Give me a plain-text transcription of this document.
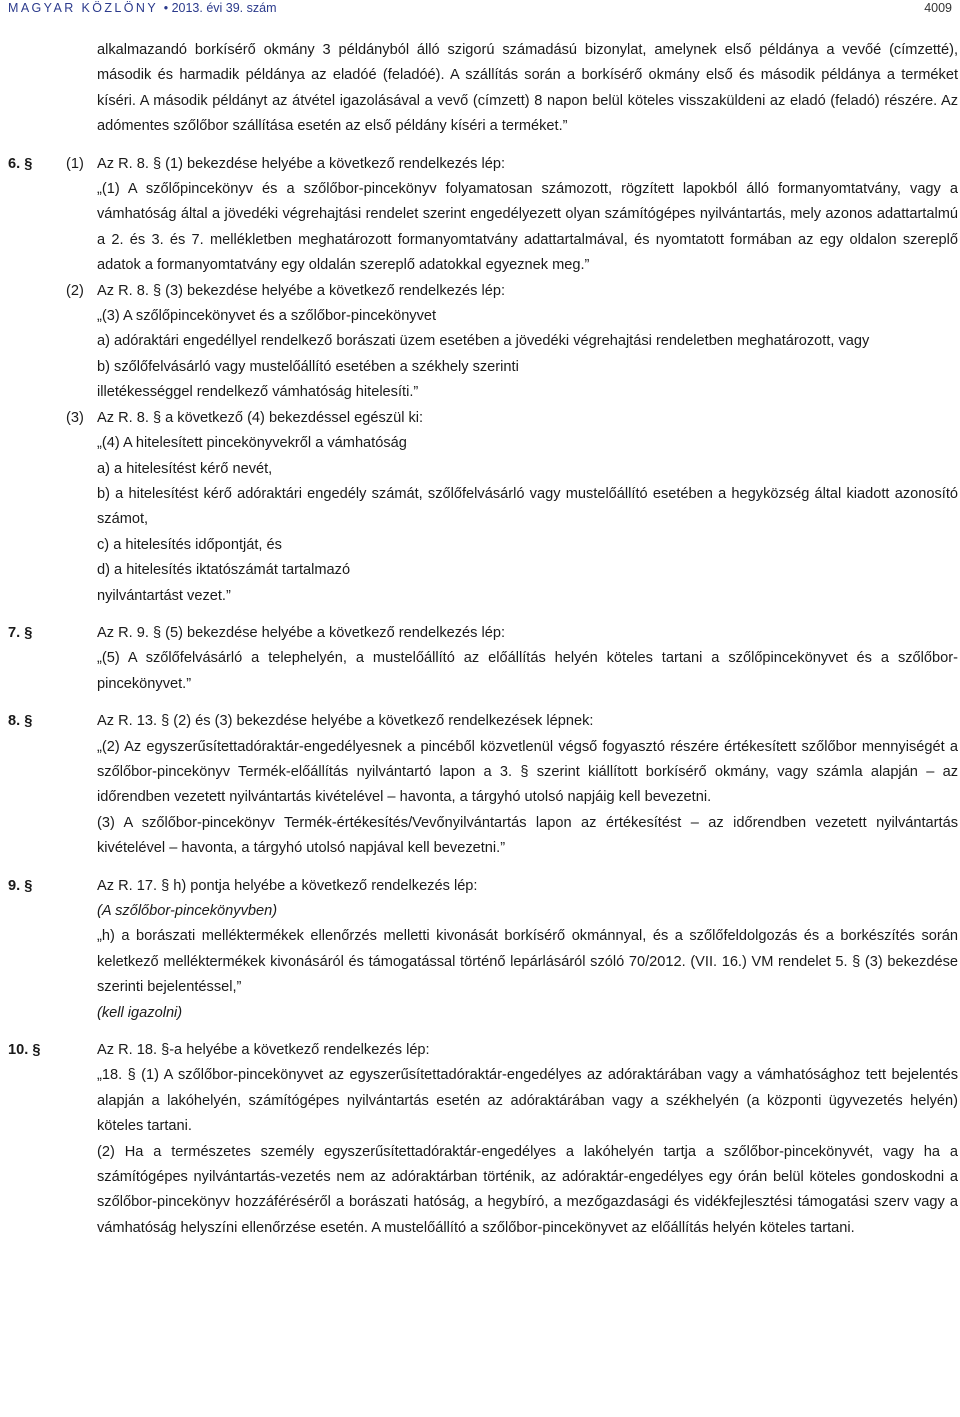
MAGYAR KÖZLÖNY • 2013. évi 39. szám	4009

alkalmazandó borkísérő okmány 3 példányból álló szigorú számadású bizonylat, amelynek első példánya a vevőé (címzetté), második és harmadik példánya az eladóé (feladóé). A szállítás során a borkísérő okmány első és második példánya a terméket kíséri. A második példányt az átvétel igazolásával a vevő (címzett) 8 napon belül köteles visszaküldeni az eladó (feladó) részére. Az adómentes szőlőbor szállítása esetén az első példány kíséri a terméket.”

6. § (1) Az R. 8. § (1) bekezdése helyébe a következő rendelkezés lép:
„(1) A szőlőpincekönyv és a szőlőbor-pincekönyv folyamatosan számozott, rögzített lapokból álló formanyomtatvány, vagy a vámhatóság által a jövedéki végrehajtási rendelet szerint engedélyezett olyan számítógépes nyilvántartás, mely azonos adattartalmú a 2. és 3. és 7. mellékletben meghatározott formanyomtatvány adattartalmával, és nyomtatott formában az egy oldalon szereplő adatok a formanyomtatvány egy oldalán szereplő adatokkal egyeznek meg.”
(2) Az R. 8. § (3) bekezdése helyébe a következő rendelkezés lép:
„(3) A szőlőpincekönyvet és a szőlőbor-pincekönyvet
a) adóraktári engedéllyel rendelkező borászati üzem esetében a jövedéki végrehajtási rendeletben meghatározott, vagy
b) szőlőfelvásárló vagy mustelőállító esetében a székhely szerinti
illetékességgel rendelkező vámhatóság hitelesíti.”
(3) Az R. 8. § a következő (4) bekezdéssel egészül ki:
„(4) A hitelesített pincekönyvekről a vámhatóság
a) a hitelesítést kérő nevét,
b) a hitelesítést kérő adóraktári engedély számát, szőlőfelvásárló vagy mustelőállító esetében a hegyközség által kiadott azonosító számot,
c) a hitelesítés időpontját, és
d) a hitelesítés iktatószámát tartalmazó
nyilvántartást vezet.”
7. §	Az R. 9. § (5) bekezdése helyébe a következő rendelkezés lép:
„(5) A szőlőfelvásárló a telephelyén, a mustelőállító az előállítás helyén köteles tartani a szőlőpincekönyvet és a szőlőbor-pincekönyvet.”
8. §	Az R. 13. § (2) és (3) bekezdése helyébe a következő rendelkezések lépnek:
„(2) Az egyszerűsítettadóraktár-engedélyesnek a pincéből közvetlenül végső fogyasztó részére értékesített szőlőbor mennyiségét a szőlőbor-pincekönyv Termék-előállítás nyilvántartó lapon a 3. § szerint kiállított borkísérő okmány, vagy számla alapján – az időrendben vezetett nyilvántartás kivételével – havonta, a tárgyhó utolsó napjáig kell bevezetni.
(3) A szőlőbor-pincekönyv Termék-értékesítés/Vevőnyilvántartás lapon az értékesítést – az időrendben vezetett nyilvántartás kivételével – havonta, a tárgyhó utolsó napjával kell bevezetni.”
9. §	Az R. 17. § h) pontja helyébe a következő rendelkezés lép:
(A szőlőbor-pincekönyvben)
„h) a borászati melléktermékek ellenőrzés melletti kivonását borkísérő okmánnyal, és a szőlőfeldolgozás és a borkészítés során keletkező melléktermékek kivonásáról és támogatással történő lepárlásáról szóló 70/2012. (VII. 16.) VM rendelet 5. § (3) bekezdése szerinti bejelentéssel,”
(kell igazolni)
10. §	Az R. 18. §-a helyébe a következő rendelkezés lép:
„18. § (1) A szőlőbor-pincekönyvet az egyszerűsítettadóraktár-engedélyes az adóraktárában vagy a vámhatósághoz tett bejelentés alapján a lakóhelyén, számítógépes nyilvántartás esetén az adóraktárában vagy a székhelyén (a központi ügyvezetés helyén) köteles tartani.
(2) Ha a természetes személy egyszerűsítettadóraktár-engedélyes a lakóhelyén tartja a szőlőbor-pincekönyvét, vagy ha a számítógépes nyilvántartás-vezetés nem az adóraktárban történik, az adóraktár-engedélyes egy órán belül köteles gondoskodni a szőlőbor-pincekönyv hozzáféréséről a borászati hatóság, a hegybíró, a mezőgazdasági és vidékfejlesztési támogatási szerv vagy a vámhatóság helyszíni ellenőrzése esetén. A mustelőállító a szőlőbor-pincekönyvet az előállítás helyén köteles tartani.
